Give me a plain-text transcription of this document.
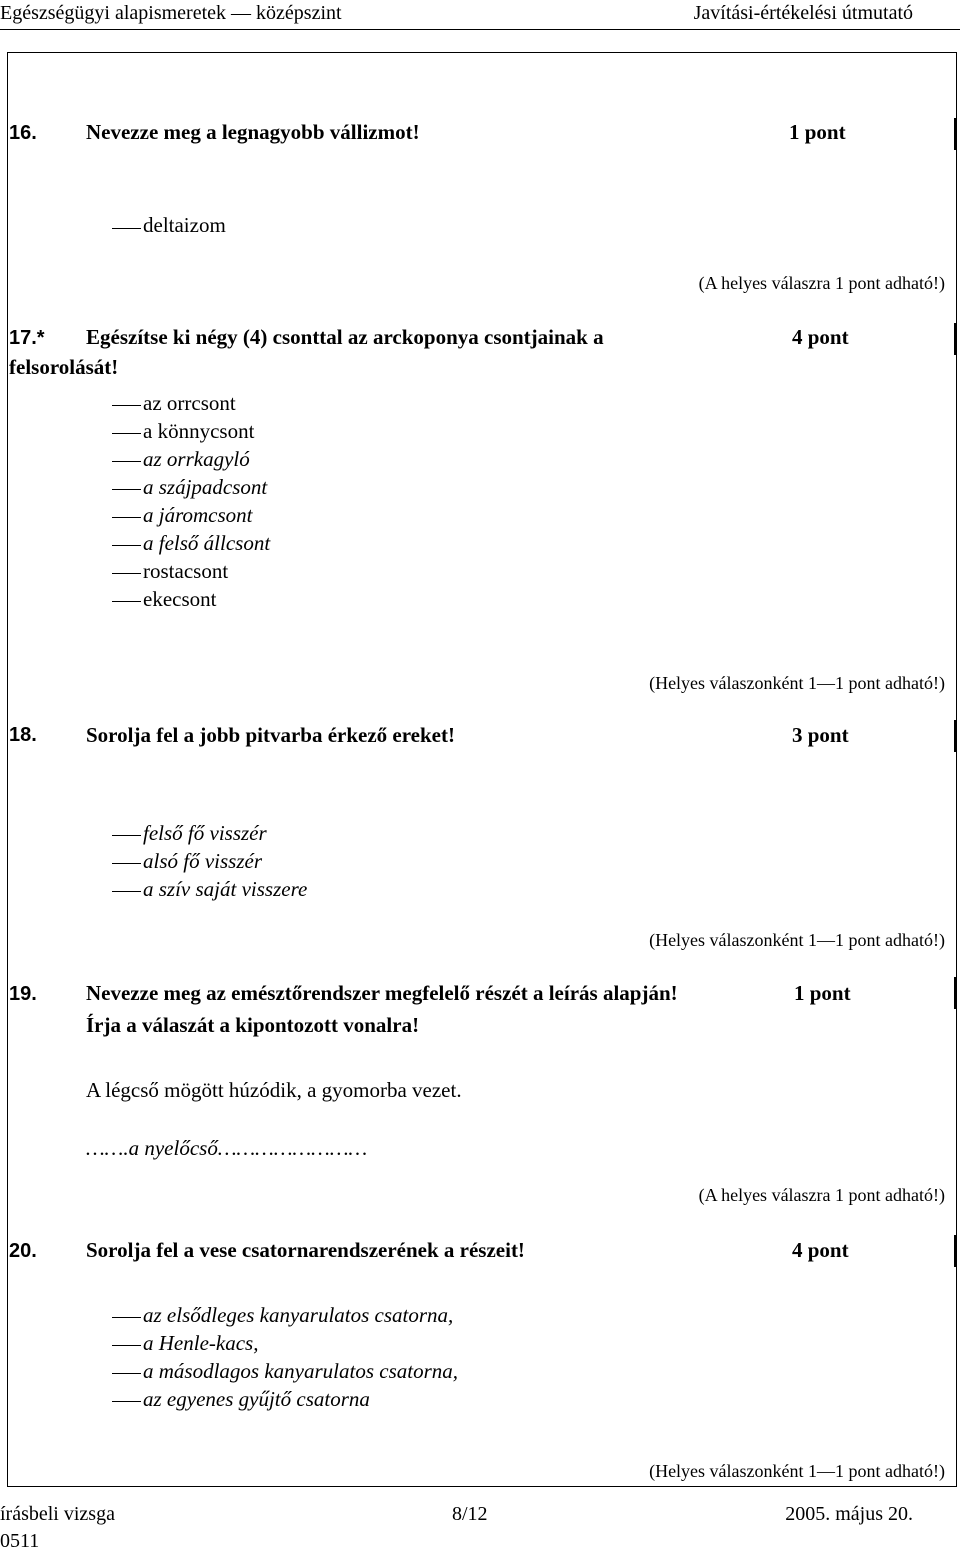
Egészségügyi alapismeretek — középszint	Javítási-értékelési útmutató
16. Nevezze meg a legnagyobb vállizmot!	1 pont
deltaizom
(A helyes válaszra 1 pont adható!)
17.* Egészítse ki négy (4) csonttal az arckoponya csontjainak a
felsorolását!
4 pont
az orrcsont
a könnycsont
az orrkagyló
a szájpadcsont
a járomcsont
a felső állcsont
rostacsont
ekecsont
(Helyes válaszonként 1—1 pont adható!)
18. Sorolja fel a jobb pitvarba érkező ereket!	3 pont
felső fő visszér
alsó fő visszér
a szív saját visszere
(Helyes válaszonként 1—1 pont adható!)
19. Nevezze meg az emésztőrendszer megfelelő részét a leírás alapján!
Írja a válaszát a kipontozott vonalra!
1 pont
A légcső mögött húzódik, a gyomorba vezet.
…….a nyelőcső……………………
(A helyes válaszra 1 pont adható!)
20. Sorolja fel a vese csatornarendszerének a részeit!	4 pont
az elsődleges kanyarulatos csatorna,
a Henle-kacs,
a másodlagos kanyarulatos csatorna,
az egyenes gyűjtő csatorna
(Helyes válaszonként 1—1 pont adható!)
írásbeli vizsga
0511
8/12	2005. május 20.
